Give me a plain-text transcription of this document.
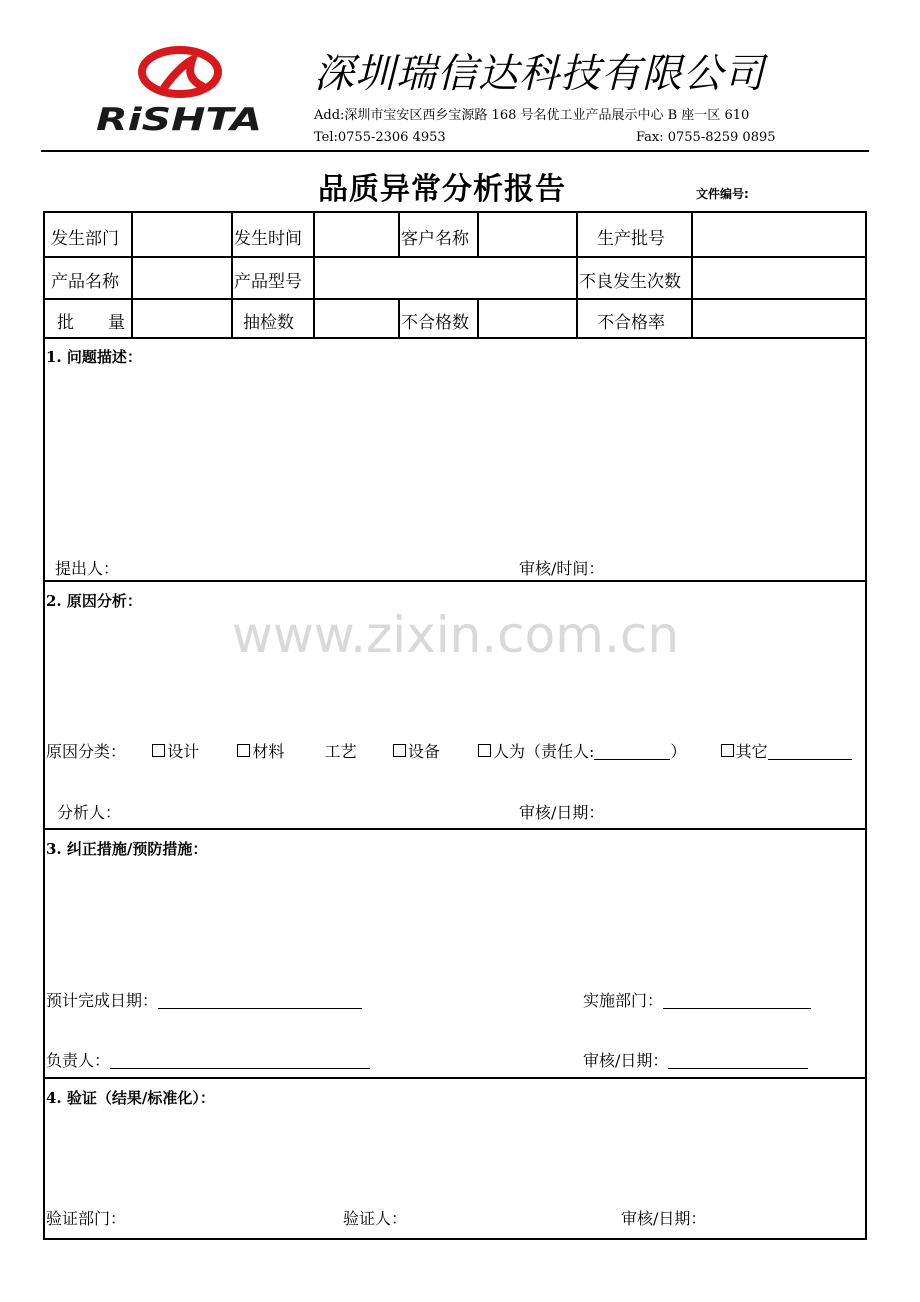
RiSHTA
深圳瑞信达科技有限公司
Add:深圳市宝安区西乡宝源路 168 号名优工业产品展示中心 B 座一区 610
Tel:0755-2306 4953	Fax: 0755-8259 0895
品质异常分析报告	文件编号:
发生部门	发生时间	客户名称	生产批号
产品名称	产品型号	不良发生次数
批　　量	抽检数	不合格数	不合格率
1. 问题描述：
提出人：	审核/时间：
2. 原因分析：
原因分类：	设计	材料	工艺	设备	人为（责任人:	）	其它
分析人：	审核/日期：
3. 纠正措施/预防措施：
预计完成日期：	实施部门：
负责人：	审核/日期：
4. 验证（结果/标准化）：
验证部门：	验证人：	审核/日期：
www.zixin.com.cn
